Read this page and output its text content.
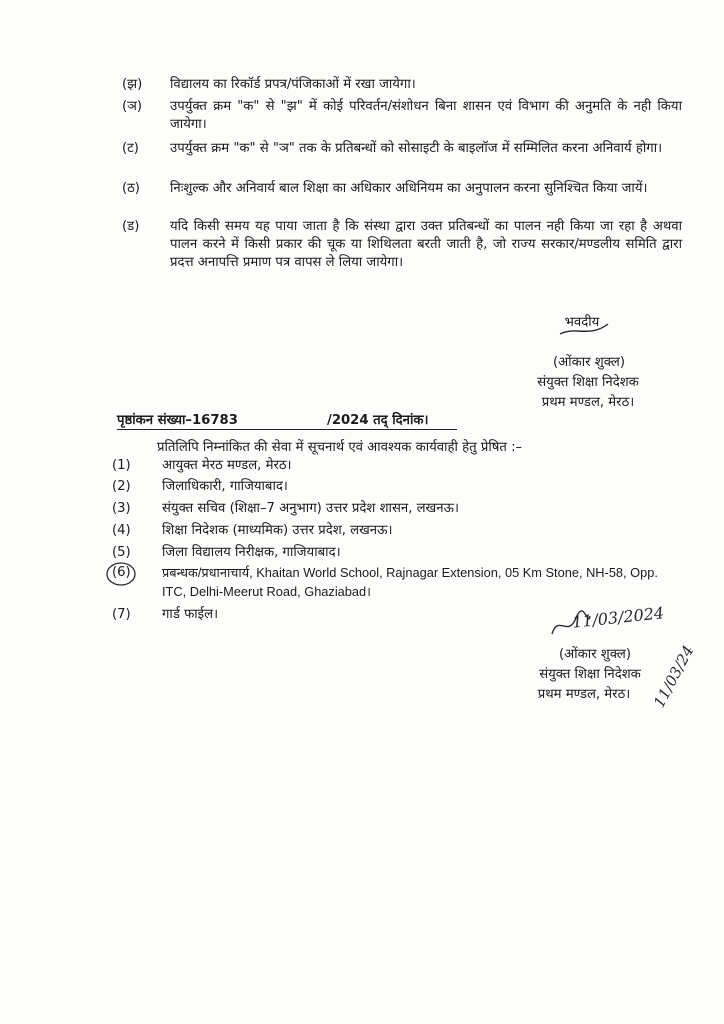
(झ) विद्यालय का रिकॉर्ड प्रपत्र/पंजिकाओं में रखा जायेगा।
(ञ) उपर्युक्त क्रम "क" से "झ" में कोई परिवर्तन/संशोधन बिना शासन एवं विभाग की अनुमति के नही किया जायेगा।
(ट) उपर्युक्त क्रम "क" से "ञ" तक के प्रतिबन्धों को सोसाइटी के बाइलॉज में सम्मिलित करना अनिवार्य होगा।
(ठ) निःशुल्क और अनिवार्य बाल शिक्षा का अधिकार अधिनियम का अनुपालन करना सुनिश्चित किया जायें।
(ड) यदि किसी समय यह पाया जाता है कि संस्था द्वारा उक्त प्रतिबन्धों का पालन नही किया जा रहा है अथवा पालन करने में किसी प्रकार की चूक या शिथिलता बरती जाती है, जो राज्य सरकार/मण्डलीय समिति द्वारा प्रदत्त अनापत्ति प्रमाण पत्र वापस ले लिया जायेगा।
भवदीय
(ओंकार शुक्ल)
संयुक्त शिक्षा निदेशक
प्रथम मण्डल, मेरठ।
पृष्ठांकन संख्या–16783	/2024 तद् दिनांक।
प्रतिलिपि निम्नांकित की सेवा में सूचनार्थ एवं आवश्यक कार्यवाही हेतु प्रेषित :–
(1) आयुक्त मेरठ मण्डल, मेरठ।
(2) जिलाधिकारी, गाजियाबाद।
(3) संयुक्त सचिव (शिक्षा–7 अनुभाग) उत्तर प्रदेश शासन, लखनऊ।
(4) शिक्षा निदेशक (माध्यमिक) उत्तर प्रदेश, लखनऊ।
(5) जिला विद्यालय निरीक्षक, गाजियाबाद।
(6) प्रबन्धक/प्रधानाचार्य, Khaitan World School, Rajnagar Extension, 05 Km Stone, NH-58, Opp. ITC, Delhi-Meerut Road, Ghaziabad।
(7) गार्ड फाईल।	11/03/2024
(ओंकार शुक्ल)
संयुक्त शिक्षा निदेशक
प्रथम मण्डल, मेरठ।	11/03/24
